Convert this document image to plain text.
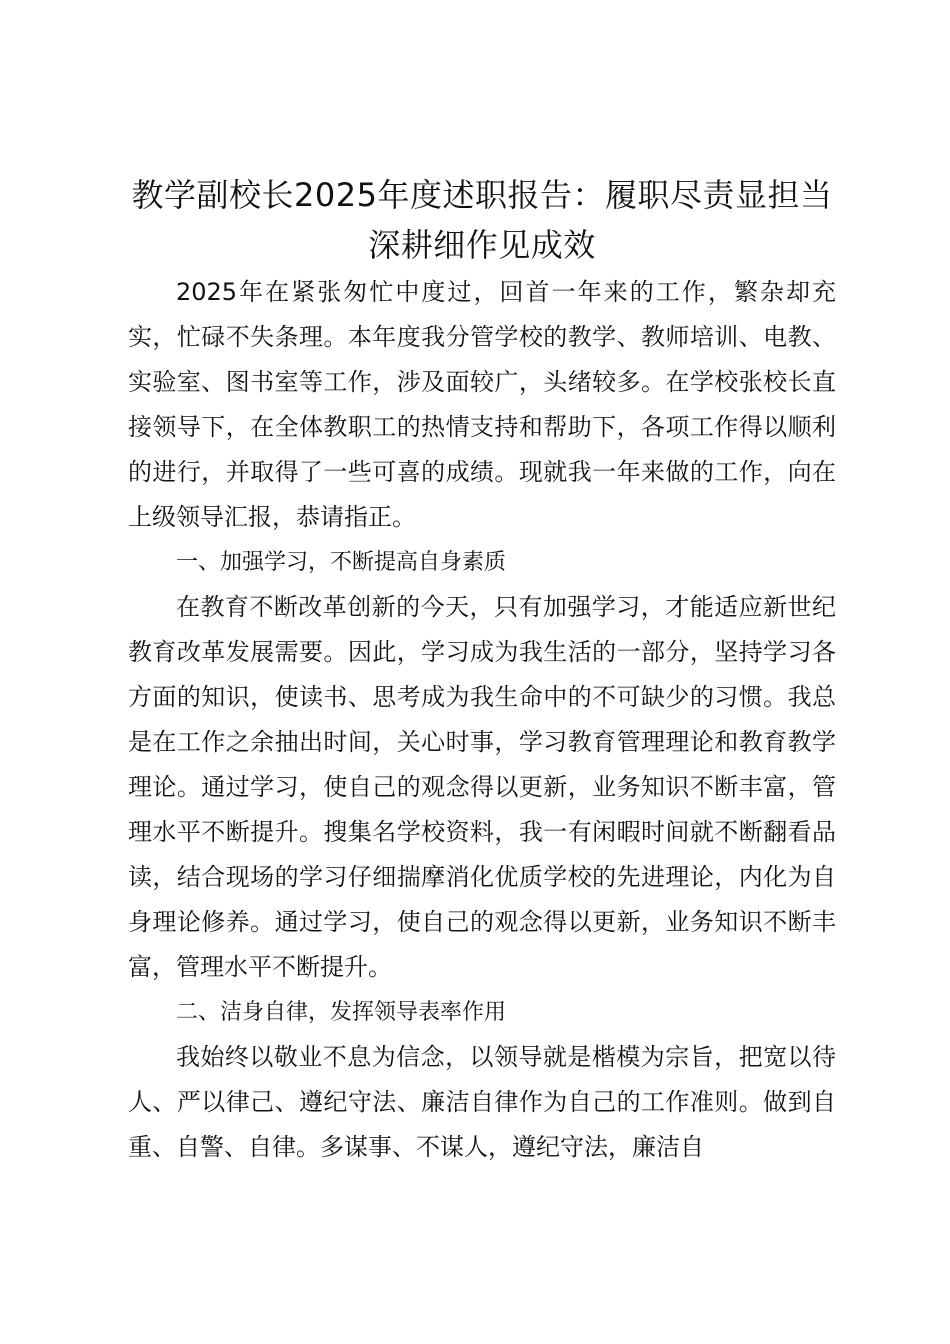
教学副校长2025年度述职报告：履职尽责显担当 深耕细作见成效

2025年在紧张匆忙中度过，回首一年来的工作，繁杂却充实，忙碌不失条理。本年度我分管学校的教学、教师培训、电教、实验室、图书室等工作，涉及面较广，头绪较多。在学校张校长直接领导下，在全体教职工的热情支持和帮助下，各项工作得以顺利的进行，并取得了一些可喜的成绩。现就我一年来做的工作，向在上级领导汇报，恭请指正。

一、加强学习，不断提高自身素质

在教育不断改革创新的今天，只有加强学习，才能适应新世纪教育改革发展需要。因此，学习成为我生活的一部分，坚持学习各方面的知识，使读书、思考成为我生命中的不可缺少的习惯。我总是在工作之余抽出时间，关心时事，学习教育管理理论和教育教学理论。通过学习，使自己的观念得以更新，业务知识不断丰富，管理水平不断提升。搜集名学校资料，我一有闲暇时间就不断翻看品读，结合现场的学习仔细揣摩消化优质学校的先进理论，内化为自身理论修养。通过学习，使自己的观念得以更新，业务知识不断丰富，管理水平不断提升。

二、洁身自律，发挥领导表率作用

我始终以敬业不息为信念，以领导就是楷模为宗旨，把宽以待人、严以律己、遵纪守法、廉洁自律作为自己的工作准则。做到自重、自警、自律。多谋事、不谋人，遵纪守法，廉洁自
